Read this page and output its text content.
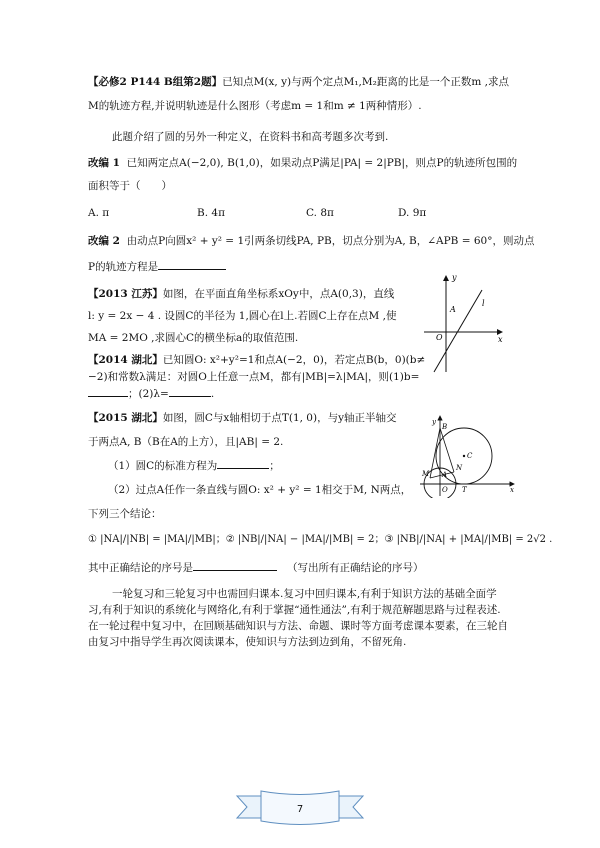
【必修2 P144 B组第2题】已知点M(x, y)与两个定点M₁,M₂距离的比是一个正数m ,求点
M的轨迹方程,并说明轨迹是什么图形（考虑m = 1和m ≠ 1两种情形）.
此题介绍了圆的另外一种定义，在资料书和高考题多次考到.
改编 1 已知两定点A(−2,0), B(1,0)，如果动点P满足|PA| = 2|PB|，则点P的轨迹所包围的
面积等于（　　）
A. π	B. 4π	C. 8π	D. 9π
改编 2 由动点P向圆x² + y² = 1引两条切线PA, PB，切点分别为A, B，∠APB = 60°，则动点
P的轨迹方程是
【2013 江苏】如图，在平面直角坐标系xOy中，点A(0,3)，直线
l: y = 2x − 4 . 设圆C的半径为 1,圆心在l上.若圆C上存在点M ,使
MA = 2MO ,求圆心C的横坐标a的取值范围.
y
x
l
A
O
【2014 湖北】已知圆O: x²+y²=1和点A(−2，0)，若定点B(b，0)(b≠
−2)和常数λ满足：对圆O上任意一点M，都有|MB|=λ|MA|，则(1)b=
；(2)λ=	.
【2015 湖北】如图，圆C与x轴相切于点T(1, 0)，与y轴正半轴交
于两点A, B（B在A的上方），且|AB| = 2.
（1）圆C的标准方程为	；
（2）过点A任作一条直线与圆O: x² + y² = 1相交于M, N两点，
下列三个结论：
① |NA|/|NB| = |MA|/|MB|；② |NB|/|NA| − |MA|/|MB| = 2；③ |NB|/|NA| + |MA|/|MB| = 2√2 .
其中正确结论的序号是	（写出所有正确结论的序号）
y
x
B
A
C
M
N
O T
一轮复习和三轮复习中也需回归课本.复习中回归课本,有利于知识方法的基础全面学
习,有利于知识的系统化与网络化,有利于掌握“通性通法”,有利于规范解题思路与过程表述.
在一轮过程中复习中，在回顾基础知识与方法、命题、课时等方面考虑课本要素，在三轮自
由复习中指导学生再次阅读课本，使知识与方法到边到角，不留死角.
7
